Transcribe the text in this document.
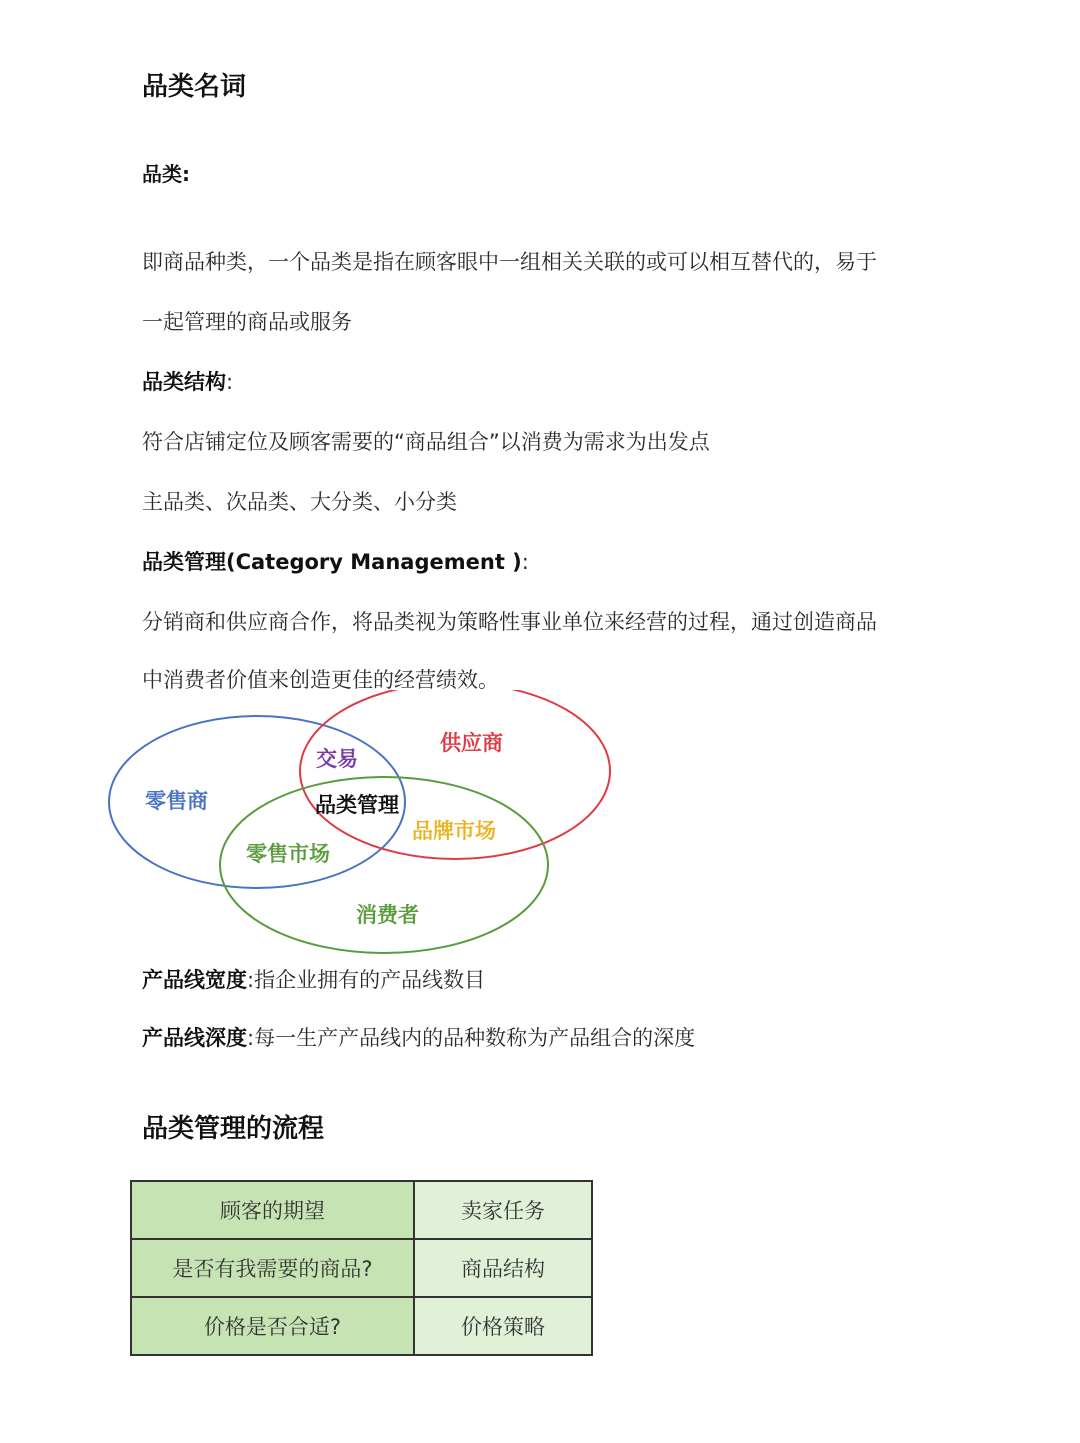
品类名词
品类:
即商品种类，一个品类是指在顾客眼中一组相关关联的或可以相互替代的，易于
一起管理的商品或服务
品类结构:
符合店铺定位及顾客需要的“商品组合”以消费为需求为出发点
主品类、次品类、大分类、小分类
品类管理(Category Management ):
分销商和供应商合作，将品类视为策略性事业单位来经营的过程，通过创造商品
中消费者价值来创造更佳的经营绩效。
零售商
供应商
交易
品类管理
品牌市场
零售市场
消费者
产品线宽度:指企业拥有的产品线数目
产品线深度:每一生产产品线内的品种数称为产品组合的深度
品类管理的流程
顾客的期望	卖家任务
是否有我需要的商品?	商品结构
价格是否合适?	价格策略
